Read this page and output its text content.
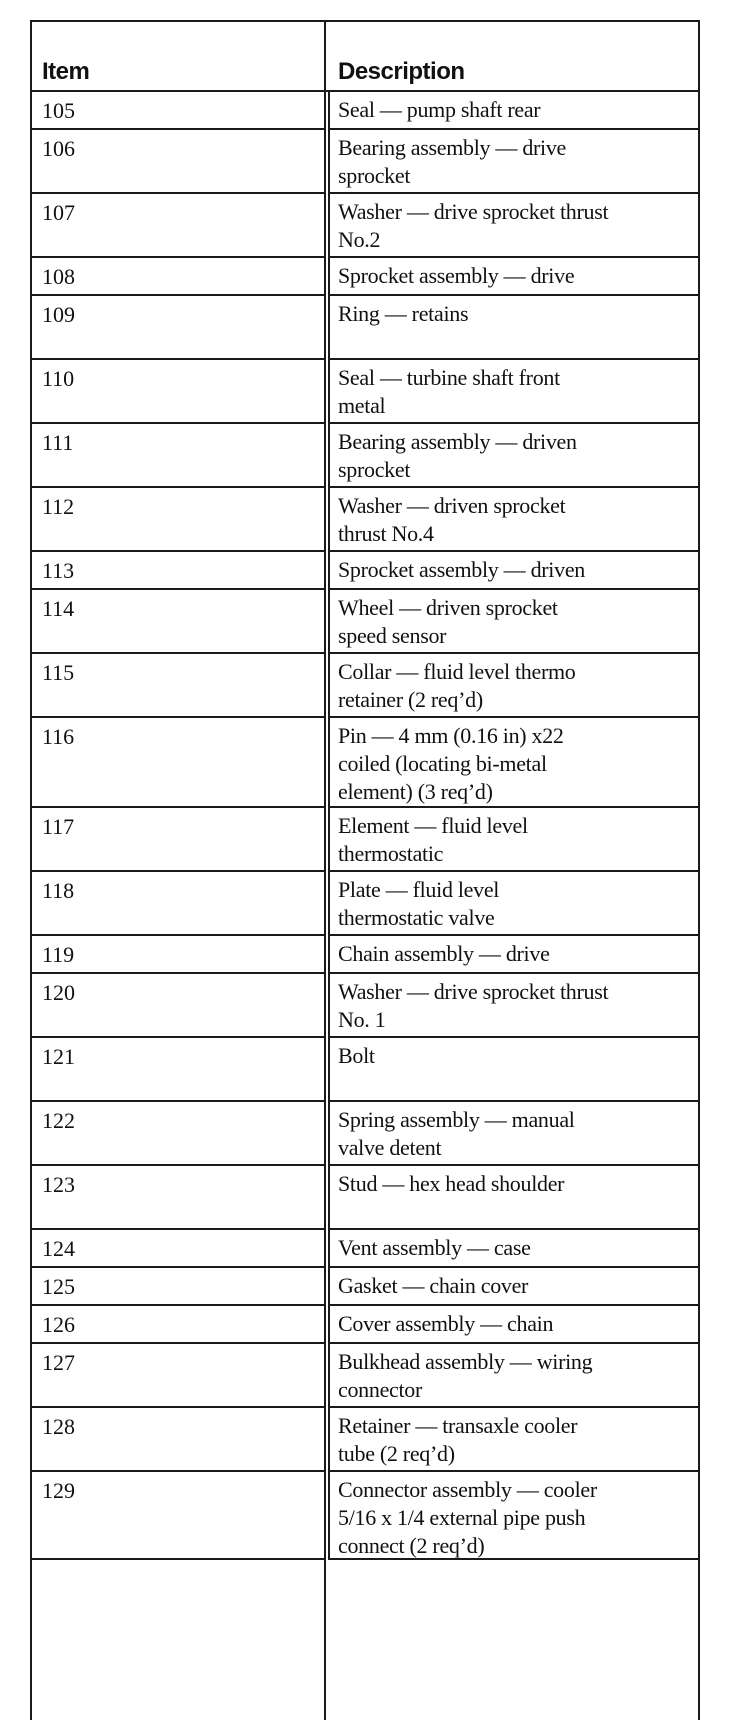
Item	Description
105	Seal — pump shaft rear
106	Bearing assembly — drive
sprocket
107	Washer — drive sprocket thrust
No.2
108	Sprocket assembly — drive
109	Ring — retains
110	Seal — turbine shaft front
metal
111	Bearing assembly — driven
sprocket
112	Washer — driven sprocket
thrust No.4
113	Sprocket assembly — driven
114	Wheel — driven sprocket
speed sensor
115	Collar — fluid level thermo
retainer (2 req’d)
116	Pin — 4 mm (0.16 in) x22
coiled (locating bi-metal
element) (3 req’d)
117	Element — fluid level
thermostatic
118	Plate — fluid level
thermostatic valve
119	Chain assembly — drive
120	Washer — drive sprocket thrust
No. 1
121	Bolt
122	Spring assembly — manual
valve detent
123	Stud — hex head shoulder
124	Vent assembly — case
125	Gasket — chain cover
126	Cover assembly — chain
127	Bulkhead assembly — wiring
connector
128	Retainer — transaxle cooler
tube (2 req’d)
129	Connector assembly — cooler
5/16 x 1/4 external pipe push
connect (2 req’d)
